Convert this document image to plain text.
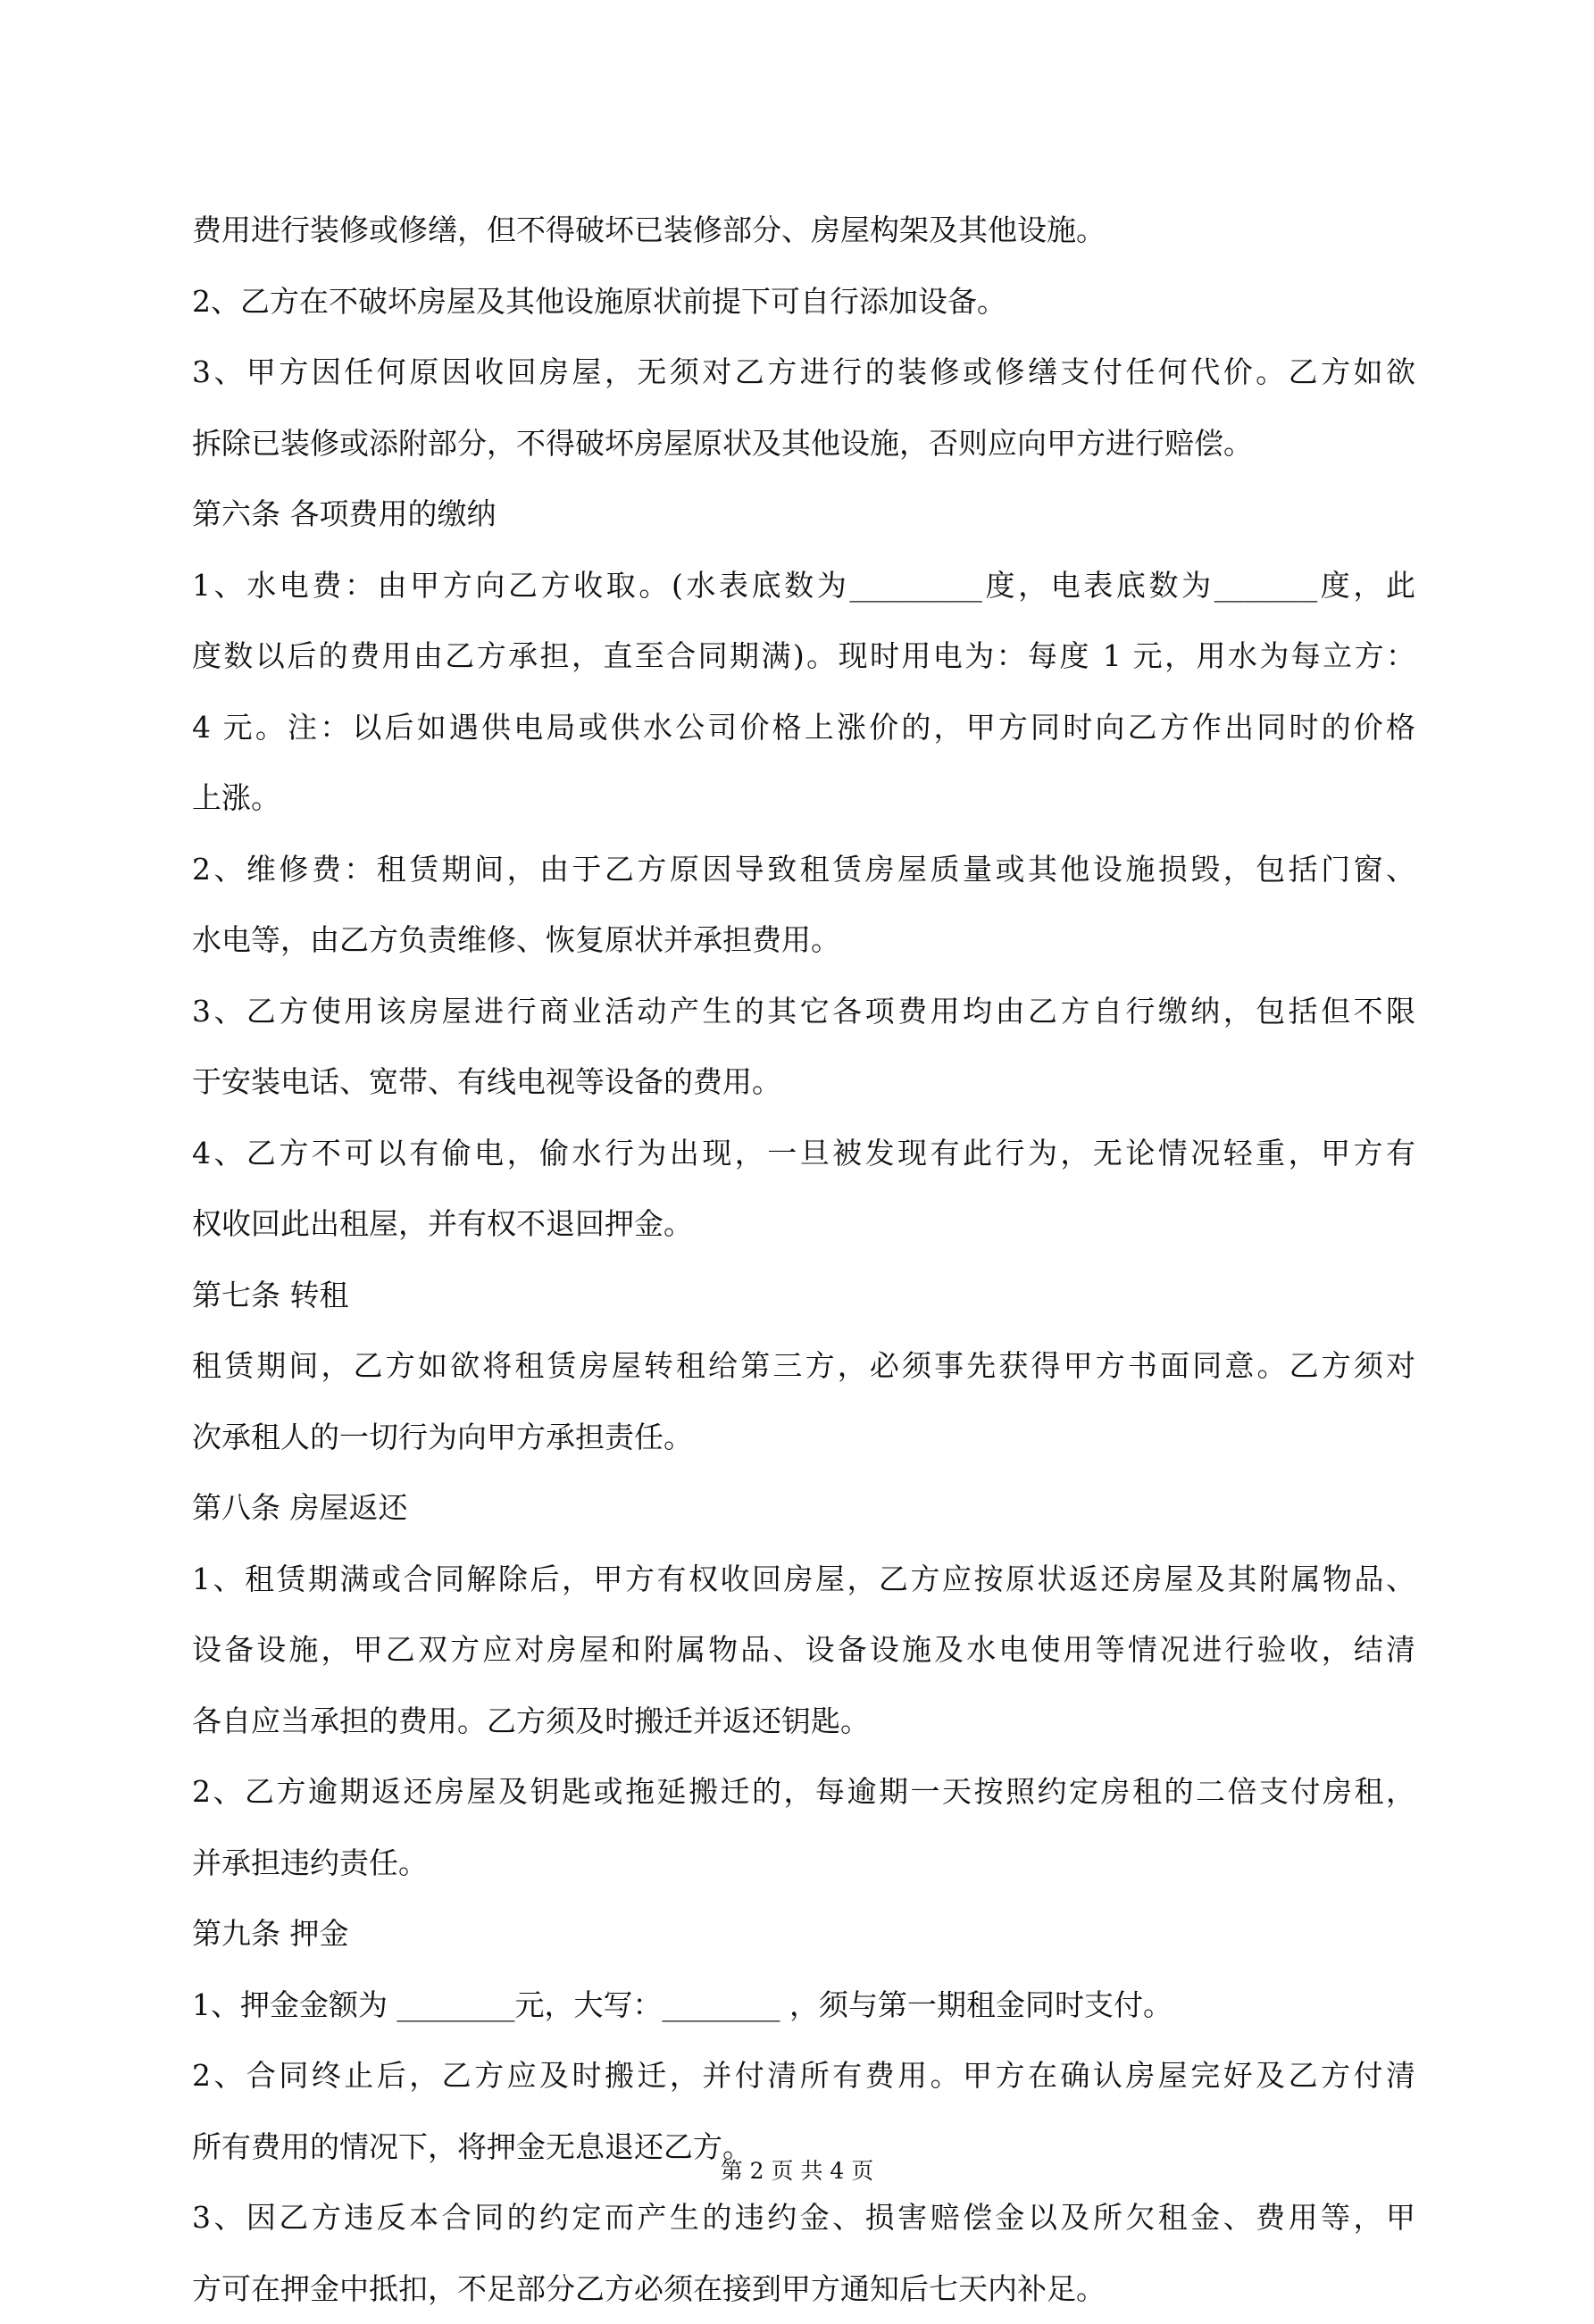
费用进行装修或修缮，但不得破坏已装修部分、房屋构架及其他设施。
2、乙方在不破坏房屋及其他设施原状前提下可自行添加设备。
3、甲方因任何原因收回房屋，无须对乙方进行的装修或修缮支付任何代价。乙方如欲
拆除已装修或添附部分，不得破坏房屋原状及其他设施，否则应向甲方进行赔偿。
第六条 各项费用的缴纳
1、水电费：由甲方向乙方收取。(水表底数为_________度，电表底数为_______度，此
度数以后的费用由乙方承担，直至合同期满)。现时用电为：每度 1 元，用水为每立方：
4 元。注：以后如遇供电局或供水公司价格上涨价的，甲方同时向乙方作出同时的价格
上涨。
2、维修费：租赁期间，由于乙方原因导致租赁房屋质量或其他设施损毁，包括门窗、
水电等，由乙方负责维修、恢复原状并承担费用。
3、乙方使用该房屋进行商业活动产生的其它各项费用均由乙方自行缴纳，包括但不限
于安装电话、宽带、有线电视等设备的费用。
4、乙方不可以有偷电，偷水行为出现，一旦被发现有此行为，无论情况轻重，甲方有
权收回此出租屋，并有权不退回押金。
第七条 转租
租赁期间，乙方如欲将租赁房屋转租给第三方，必须事先获得甲方书面同意。乙方须对
次承租人的一切行为向甲方承担责任。
第八条 房屋返还
1、租赁期满或合同解除后，甲方有权收回房屋，乙方应按原状返还房屋及其附属物品、
设备设施，甲乙双方应对房屋和附属物品、设备设施及水电使用等情况进行验收，结清
各自应当承担的费用。乙方须及时搬迁并返还钥匙。
2、乙方逾期返还房屋及钥匙或拖延搬迁的，每逾期一天按照约定房租的二倍支付房租，
并承担违约责任。
第九条 押金
1、押金金额为 ________元，大写：________ ，须与第一期租金同时支付。
2、合同终止后，乙方应及时搬迁，并付清所有费用。甲方在确认房屋完好及乙方付清
所有费用的情况下，将押金无息退还乙方。
3、因乙方违反本合同的约定而产生的违约金、损害赔偿金以及所欠租金、费用等，甲
方可在押金中抵扣，不足部分乙方必须在接到甲方通知后七天内补足。
第 2 页 共 4 页
